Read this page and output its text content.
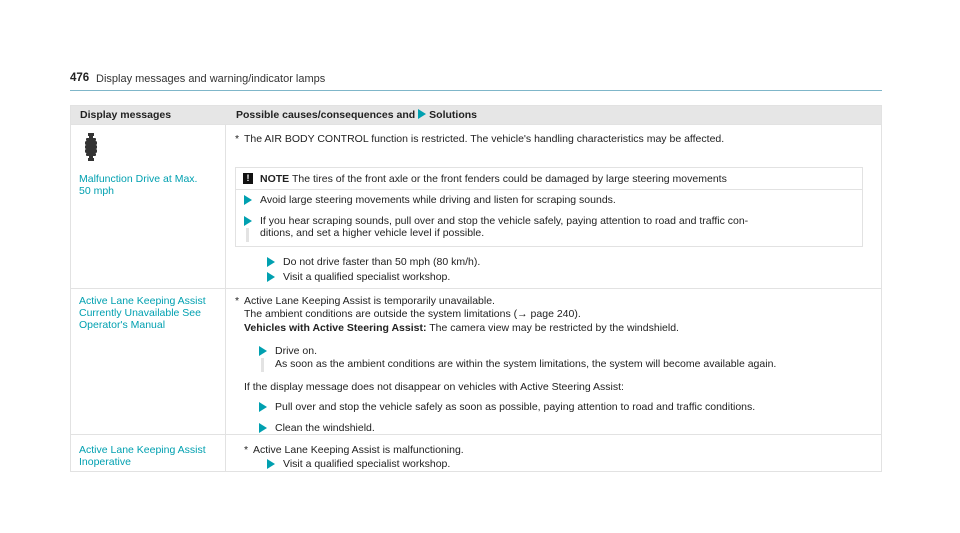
476 Display messages and warning/indicator lamps
Display messages	Possible causes/consequences and Solutions
Malfunction Drive at Max.
50 mph
* The AIR BODY CONTROL function is restricted. The vehicle's handling characteristics may be affected.
!	NOTE The tires of the front axle or the front fenders could be damaged by large steering movements
Avoid large steering movements while driving and listen for scraping sounds.
If you hear scraping sounds, pull over and stop the vehicle safely, paying attention to road and traffic con-
ditions, and set a higher vehicle level if possible.
Do not drive faster than 50 mph (80 km/h).
Visit a qualified specialist workshop.
Active Lane Keeping Assist
Currently Unavailable See
Operator's Manual
* Active Lane Keeping Assist is temporarily unavailable.
The ambient conditions are outside the system limitations (→ page 240).
Vehicles with Active Steering Assist: The camera view may be restricted by the windshield.
Drive on.
As soon as the ambient conditions are within the system limitations, the system will become available again.
If the display message does not disappear on vehicles with Active Steering Assist:
Pull over and stop the vehicle safely as soon as possible, paying attention to road and traffic conditions.
Clean the windshield.
Active Lane Keeping Assist
Inoperative
* Active Lane Keeping Assist is malfunctioning.
Visit a qualified specialist workshop.
